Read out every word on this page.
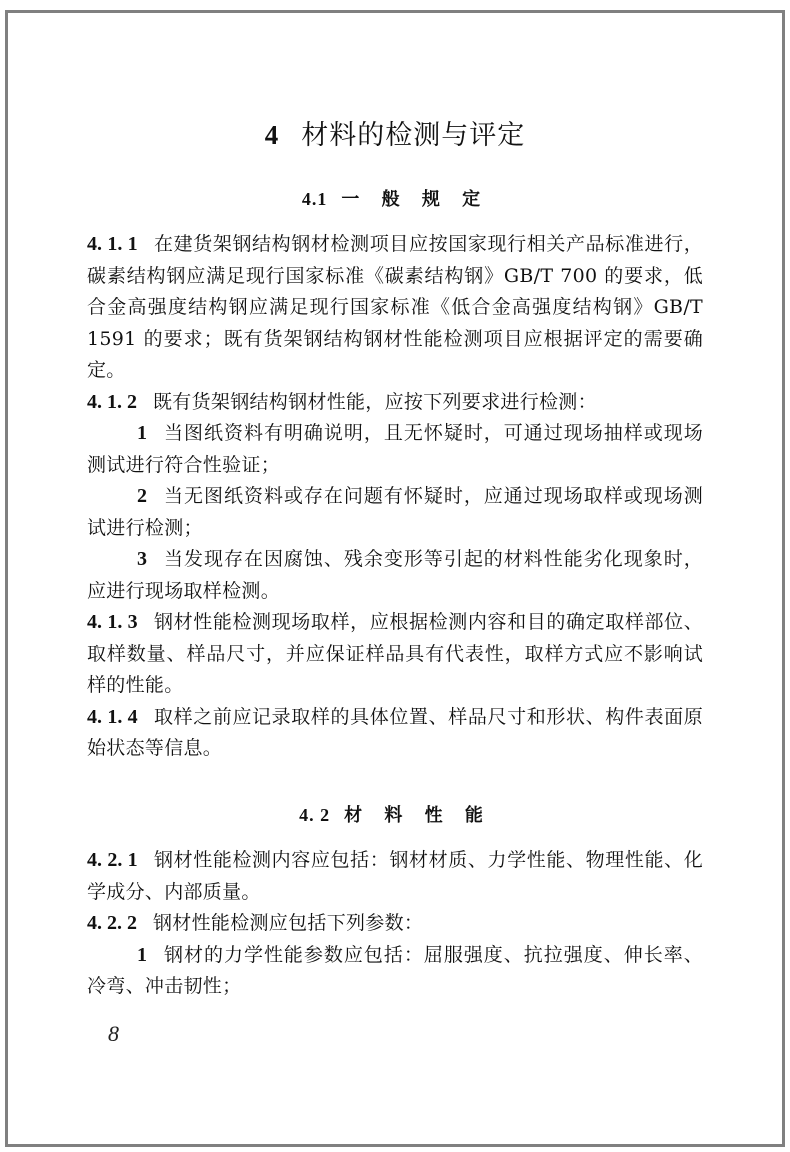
4 材料的检测与评定
4.1 一 般 规 定

4. 1. 1 在建货架钢结构钢材检测项目应按国家现行相关产品标准进行，碳素结构钢应满足现行国家标准《碳素结构钢》GB/T 700 的要求，低合金高强度结构钢应满足现行国家标准《低合金高强度结构钢》GB/T 1591 的要求；既有货架钢结构钢材性能检测项目应根据评定的需要确定。

4. 1. 2 既有货架钢结构钢材性能，应按下列要求进行检测：

1 当图纸资料有明确说明，且无怀疑时，可通过现场抽样或现场测试进行符合性验证；

2 当无图纸资料或存在问题有怀疑时，应通过现场取样或现场测试进行检测；

3 当发现存在因腐蚀、残余变形等引起的材料性能劣化现象时，应进行现场取样检测。

4. 1. 3 钢材性能检测现场取样，应根据检测内容和目的确定取样部位、取样数量、样品尺寸，并应保证样品具有代表性，取样方式应不影响试样的性能。

4. 1. 4 取样之前应记录取样的具体位置、样品尺寸和形状、构件表面原始状态等信息。

4. 2 材 料 性 能

4. 2. 1 钢材性能检测内容应包括：钢材材质、力学性能、物理性能、化学成分、内部质量。

4. 2. 2 钢材性能检测应包括下列参数：

1 钢材的力学性能参数应包括：屈服强度、抗拉强度、伸长率、冷弯、冲击韧性；

8
